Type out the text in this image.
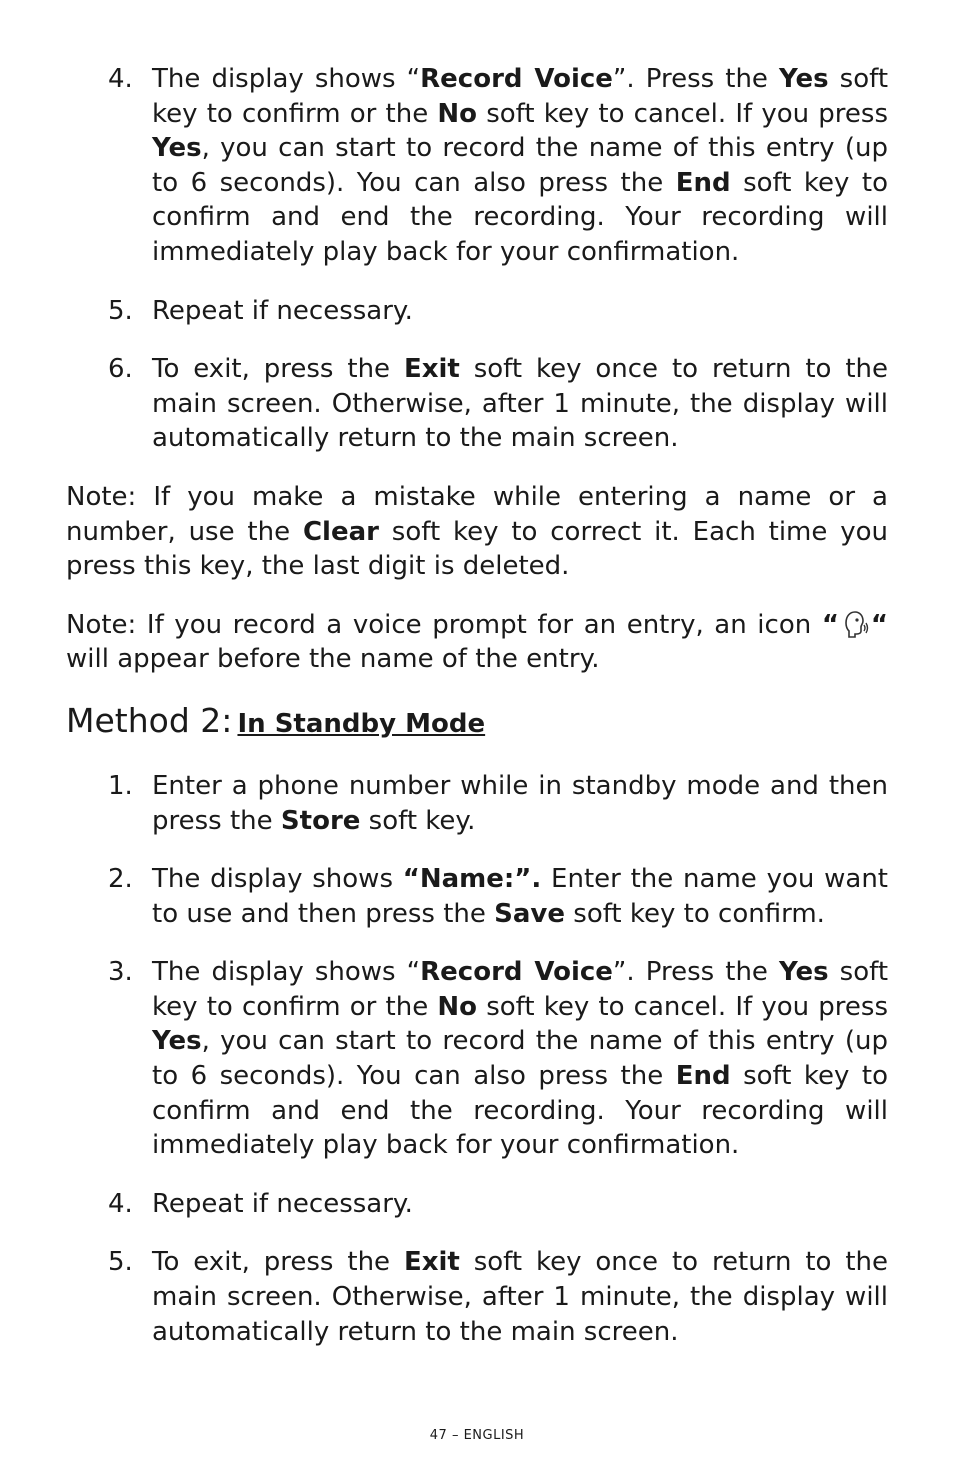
4. The display shows “Record Voice”. Press the Yes soft key to confirm or the No soft key to cancel. If you press Yes, you can start to record the name of this entry (up to 6 seconds). You can also press the End soft key to confirm and end the recording. Your recording will immediately play back for your confirmation.
5. Repeat if necessary.
6. To exit, press the Exit soft key once to return to the main screen. Otherwise, after 1 minute, the display will automatically return to the main screen.
Note: If you make a mistake while entering a name or a number, use the Clear soft key to correct it. Each time you press this key, the last digit is deleted.
Note: If you record a voice prompt for an entry, an icon “ “ will appear before the name of the entry.
Method 2: In Standby Mode
1. Enter a phone number while in standby mode and then press the Store soft key.
2. The display shows “Name:”. Enter the name you want to use and then press the Save soft key to confirm.
3. The display shows “Record Voice”. Press the Yes soft key to confirm or the No soft key to cancel. If you press Yes, you can start to record the name of this entry (up to 6 seconds). You can also press the End soft key to confirm and end the recording. Your recording will immediately play back for your confirmation.
4. Repeat if necessary.
5. To exit, press the Exit soft key once to return to the main screen. Otherwise, after 1 minute, the display will automatically return to the main screen.
47 – ENGLISH
